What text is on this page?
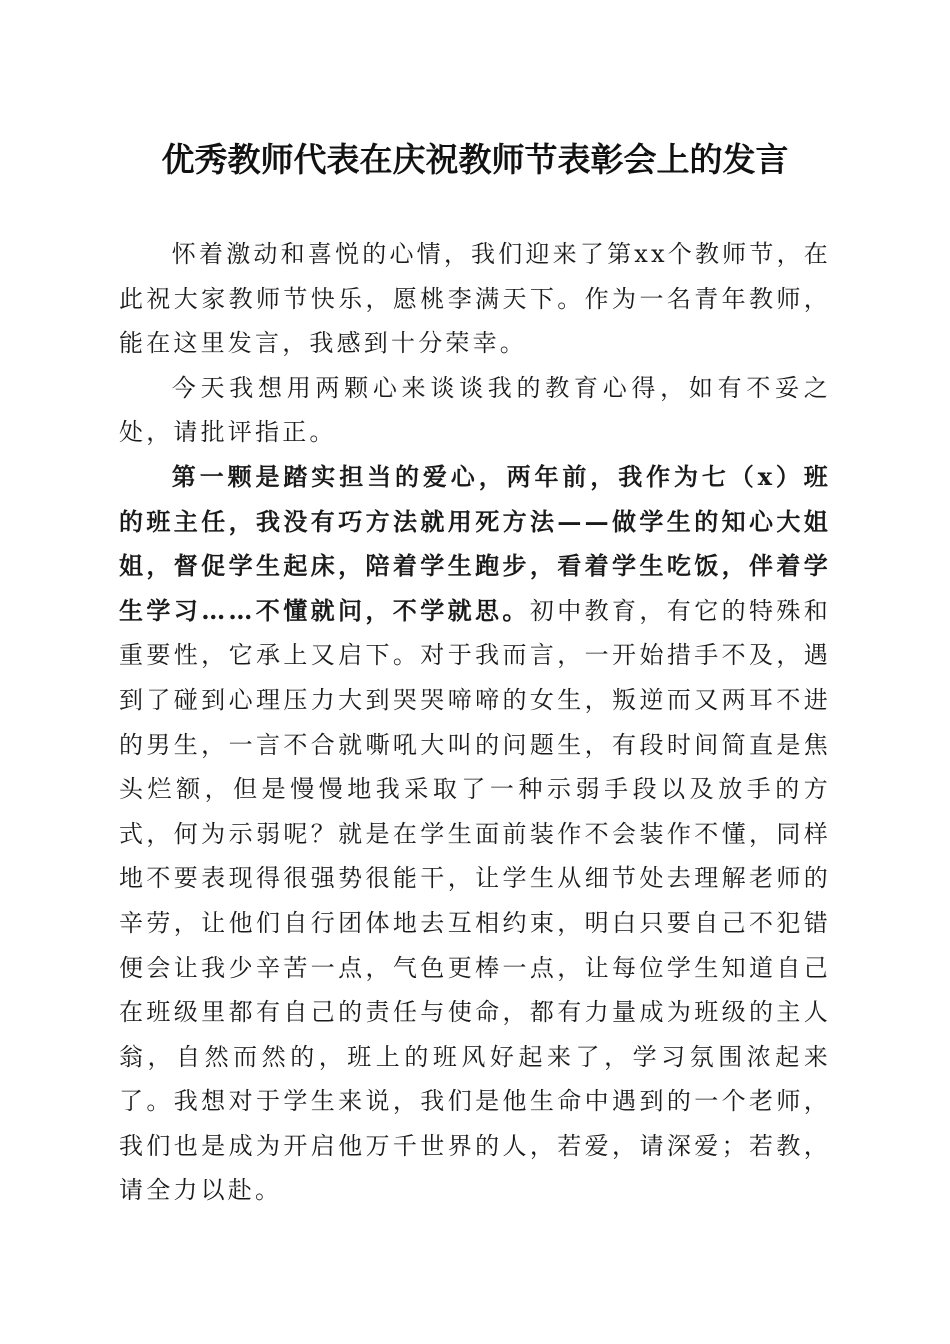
优秀教师代表在庆祝教师节表彰会上的发言

怀着激动和喜悦的心情，我们迎来了第xx个教师节，在此祝大家教师节快乐，愿桃李满天下。作为一名青年教师，能在这里发言，我感到十分荣幸。

今天我想用两颗心来谈谈我的教育心得，如有不妥之处，请批评指正。

第一颗是踏实担当的爱心，两年前，我作为七（x）班的班主任，我没有巧方法就用死方法——做学生的知心大姐姐，督促学生起床，陪着学生跑步，看着学生吃饭，伴着学生学习……不懂就问，不学就思。初中教育，有它的特殊和重要性，它承上又启下。对于我而言，一开始措手不及，遇到了碰到心理压力大到哭哭啼啼的女生，叛逆而又两耳不进的男生，一言不合就嘶吼大叫的问题生，有段时间简直是焦头烂额，但是慢慢地我采取了一种示弱手段以及放手的方式，何为示弱呢？就是在学生面前装作不会装作不懂，同样地不要表现得很强势很能干，让学生从细节处去理解老师的辛劳，让他们自行团体地去互相约束，明白只要自己不犯错便会让我少辛苦一点，气色更棒一点，让每位学生知道自己在班级里都有自己的责任与使命，都有力量成为班级的主人翁，自然而然的，班上的班风好起来了，学习氛围浓起来了。我想对于学生来说，我们是他生命中遇到的一个老师，我们也是成为开启他万千世界的人，若爱，请深爱；若教，请全力以赴。
